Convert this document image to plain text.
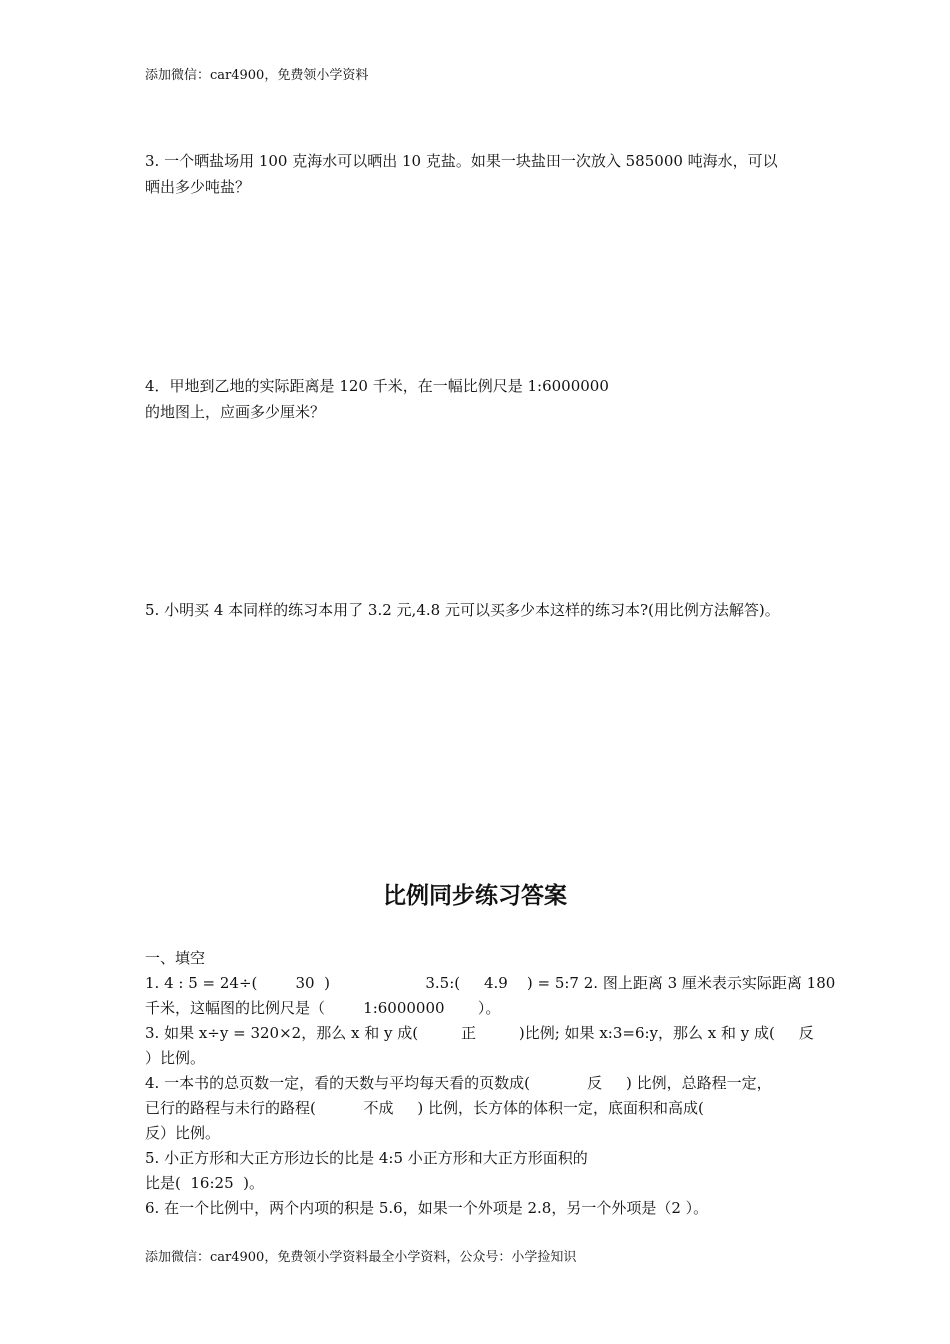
添加微信：car4900，免费领小学资料
3. 一个晒盐场用 100 克海水可以晒出 10 克盐。如果一块盐田一次放入 585000 吨海水，可以
晒出多少吨盐？
4．甲地到乙地的实际距离是 120 千米，在一幅比例尺是 1:6000000
的地图上，应画多少厘米？
5. 小明买 4 本同样的练习本用了 3.2 元,4.8 元可以买多少本这样的练习本?(用比例方法解答)。
比例同步练习答案
一、填空
1. 4 : 5 = 24÷(        30  )                    3.5:(     4.9    ) = 5:7 2. 图上距离 3 厘米表示实际距离 180
千米，这幅图的比例尺是（        1:6000000       ）。
3. 如果 x÷y = 320×2，那么 x 和 y 成(         正         )比例; 如果 x:3=6:y，那么 x 和 y 成(     反
）比例。
4. 一本书的总页数一定，看的天数与平均每天看的页数成(            反     ) 比例，总路程一定，
已行的路程与未行的路程(          不成     ) 比例，长方体的体积一定，底面积和高成(
反）比例。
5. 小正方形和大正方形边长的比是 4:5 小正方形和大正方形面积的
比是(  16:25  )。
6. 在一个比例中，两个内项的积是 5.6，如果一个外项是 2.8，另一个外项是（2 ）。
添加微信：car4900，免费领小学资料最全小学资料，公众号：小学捡知识
